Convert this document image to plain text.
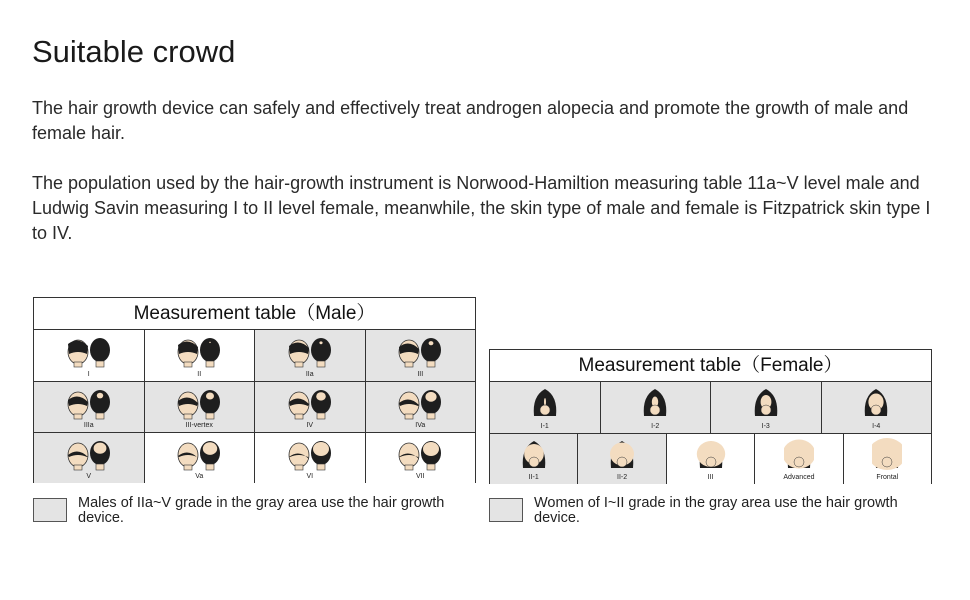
Suitable crowd

The hair growth device can safely and effectively treat androgen alopecia and promote the growth of male and female hair.

The population used by the hair-growth instrument is Norwood-Hamiltion measuring table 11a~V level male and Ludwig Savin measuring I to II level female, meanwhile, the skin type of male and female is Fitzpatrick skin type I to IV.

Measurement table（Male）
I	II	IIa	III
IIIa	III-vertex	IV	IVa
V	Va	VI	VII
Measurement table（Female）
I-1	I-2	I-3	I-4
II-1	II-2	III	Advanced	Frontal
Males of IIa~V grade in the gray area use the hair growth device.
Women of I~II grade in the gray area use the hair growth device.
